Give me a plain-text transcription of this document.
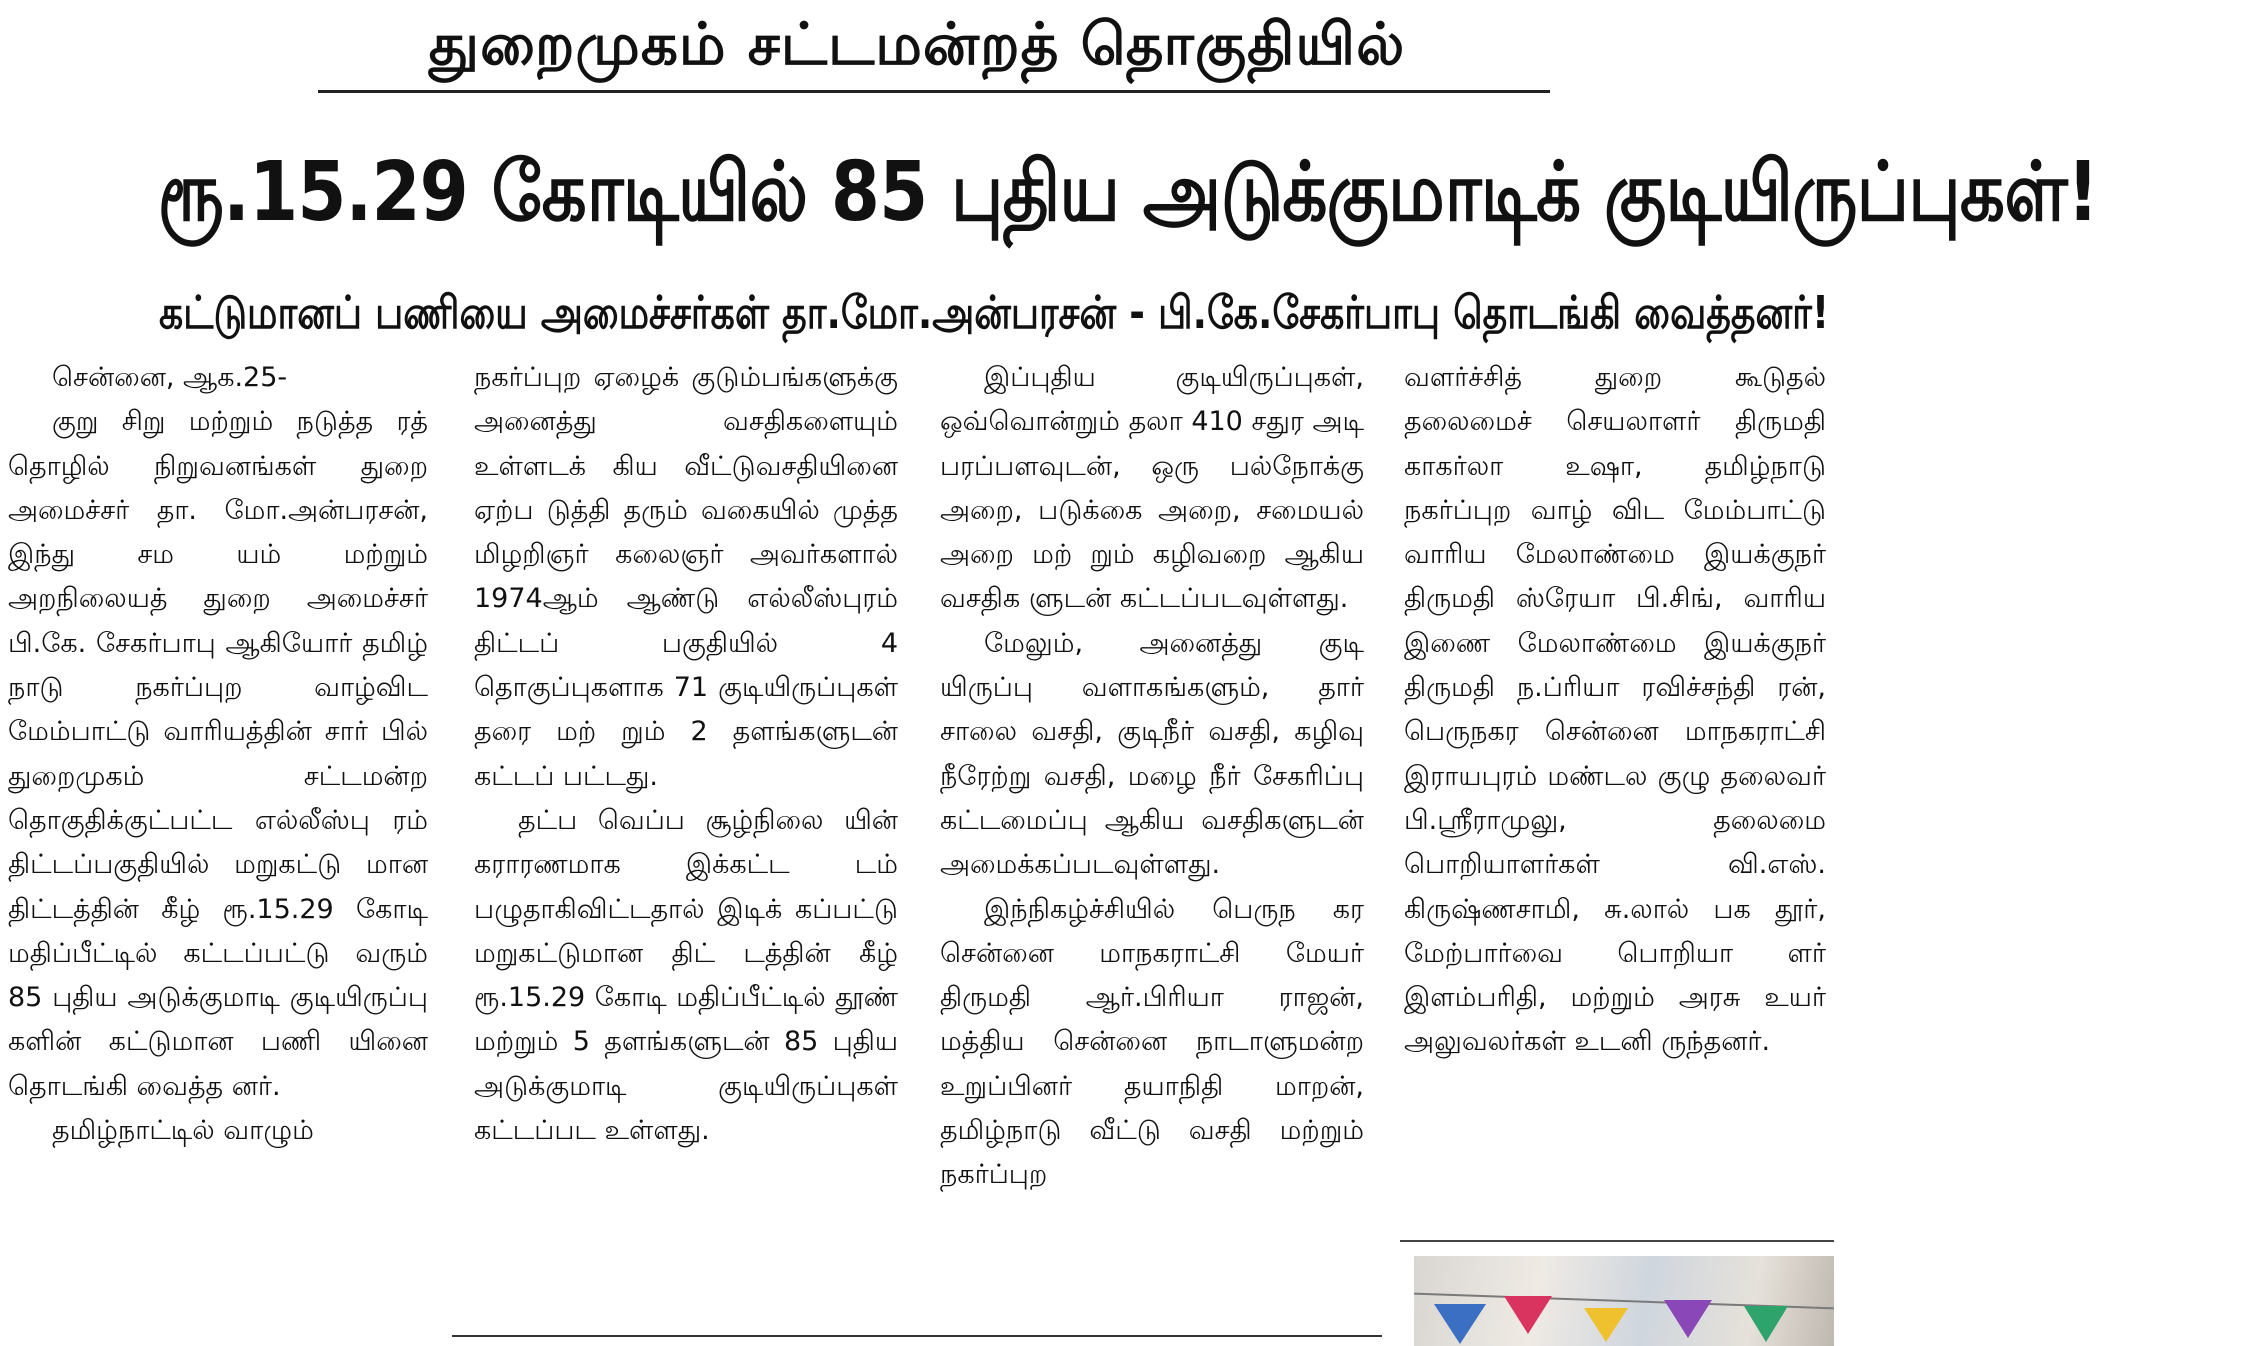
துறைமுகம் சட்டமன்றத் தொகுதியில்
ரூ.15.29 கோடியில் 85 புதிய அடுக்குமாடிக் குடியிருப்புகள்!
கட்டுமானப் பணியை அமைச்சர்கள் தா.மோ.அன்பரசன் - பி.கே.சேகர்பாபு தொடங்கி வைத்தனர்!

சென்னை, ஆக.25-

குறு சிறு மற்றும் நடுத்த ரத் தொழில் நிறுவனங்கள் துறை அமைச்சர் தா. மோ.அன்பரசன், இந்து சம யம் மற்றும் அறநிலையத் துறை அமைச்சர் பி.கே. சேகர்பாபு ஆகியோர் தமிழ் நாடு நகர்ப்புற வாழ்விட மேம்பாட்டு வாரியத்தின் சார் பில் துறைமுகம் சட்டமன்ற தொகுதிக்குட்பட்ட எல்லீஸ்பு ரம் திட்டப்பகுதியில் மறுகட்டு மான திட்டத்தின் கீழ் ரூ.15.29 கோடி மதிப்பீட்டில் கட்டப்பட்டு வரும் 85 புதிய அடுக்குமாடி குடியிருப்பு களின் கட்டுமான பணி யினை தொடங்கி வைத்த னர்.

தமிழ்நாட்டில் வாழும்

நகர்ப்புற ஏழைக் குடும்பங்களுக்கு அனைத்து வசதிகளையும் உள்ளடக் கிய வீட்டுவசதியினை ஏற்ப டுத்தி தரும் வகையில் முத்த மிழறிஞர் கலைஞர் அவர்களால் 1974ஆம் ஆண்டு எல்லீஸ்புரம் திட்டப் பகுதியில் 4 தொகுப்புகளாக 71 குடியிருப்புகள் தரை மற் றும் 2 தளங்களுடன் கட்டப் பட்டது.

தட்ப வெப்ப சூழ்நிலை யின் கராரணமாக இக்கட்ட டம் பழுதாகிவிட்டதால் இடிக் கப்பட்டு மறுகட்டுமான திட் டத்தின் கீழ் ரூ.15.29 கோடி மதிப்பீட்டில் தூண் மற்றும் 5 தளங்களுடன் 85 புதிய அடுக்குமாடி குடியிருப்புகள் கட்டப்பட உள்ளது.

இப்புதிய குடியிருப்புகள், ஒவ்வொன்றும் தலா 410 சதுர அடி பரப்பளவுடன், ஒரு பல்நோக்கு அறை, படுக்கை அறை, சமையல் அறை மற் றும் கழிவறை ஆகிய வசதிக ளுடன் கட்டப்படவுள்ளது.

மேலும், அனைத்து குடி யிருப்பு வளாகங்களும், தார் சாலை வசதி, குடிநீர் வசதி, கழிவு நீரேற்று வசதி, மழை நீர் சேகரிப்பு கட்டமைப்பு ஆகிய வசதிகளுடன் அமைக்கப்படவுள்ளது.

இந்நிகழ்ச்சியில் பெருந கர சென்னை மாநகராட்சி மேயர் திருமதி ஆர்.பிரியா ராஜன், மத்திய சென்னை நாடாளுமன்ற உறுப்பினர் தயாநிதி மாறன், தமிழ்நாடு வீட்டு வசதி மற்றும் நகர்ப்புற

வளர்ச்சித் துறை கூடுதல் தலைமைச் செயலாளர் திருமதி காகர்லா உஷா, தமிழ்நாடு நகர்ப்புற வாழ் விட மேம்பாட்டு வாரிய மேலாண்மை இயக்குநர் திருமதி ஸ்ரேயா பி.சிங், வாரிய இணை மேலாண்மை இயக்குநர் திருமதி ந.ப்ரியா ரவிச்சந்தி ரன், பெருநகர சென்னை மாநகராட்சி இராயபுரம் மண்டல குழு தலைவர் பி.ஸ்ரீராமுலு, தலைமை பொறியாளர்கள் வி.எஸ். கிருஷ்ணசாமி, சு.லால் பக தூர், மேற்பார்வை பொறியா ளர் இளம்பரிதி, மற்றும் அரசு உயர் அலுவலர்கள் உடனி ருந்தனர்.
